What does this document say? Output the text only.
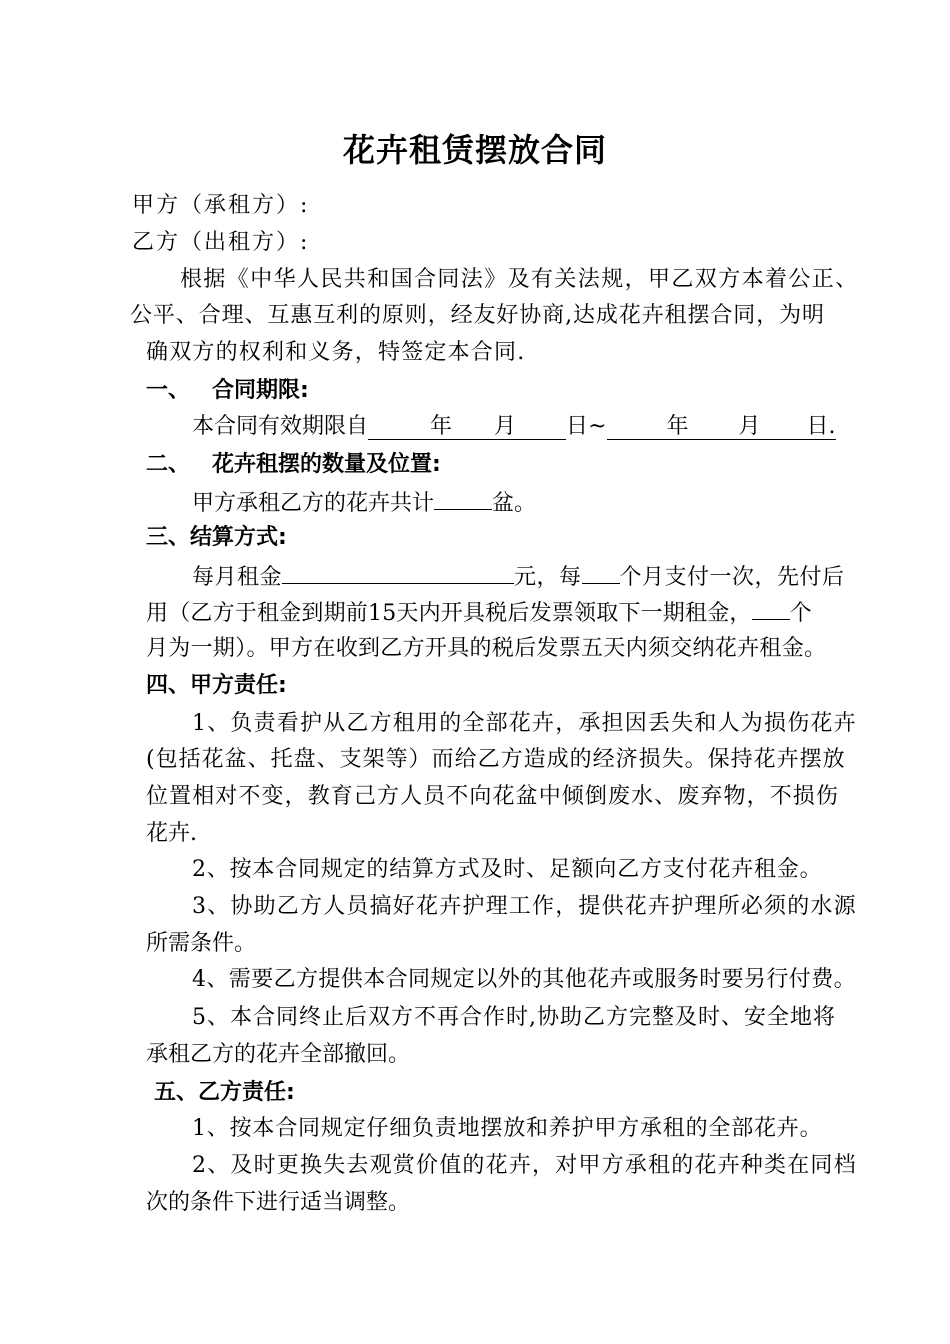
花卉租赁摆放合同
甲方（承租方）:
乙方（出租方）:
根据《中华人民共和国合同法》及有关法规，甲乙双方本着公正、
公平、合理、互惠互利的原则，经友好协商,达成花卉租摆合同，为明
确双方的权利和义务，特签定本合同.
一、 合同期限:
本合同有效期限自	年 月 日~	年 月 日.
二、 花卉租摆的数量及位置:
甲方承租乙方的花卉共计	盆。
三、结算方式:
每月租金	元，每 个月支付一次，先付后
用（乙方于租金到期前15天内开具税后发票领取下一期租金， 个
月为一期）。甲方在收到乙方开具的税后发票五天内须交纳花卉租金。
四、甲方责任:
1、负责看护从乙方租用的全部花卉，承担因丢失和人为损伤花卉
(包括花盆、托盘、支架等）而给乙方造成的经济损失。保持花卉摆放
位置相对不变，教育己方人员不向花盆中倾倒废水、废弃物，不损伤
花卉.
2、按本合同规定的结算方式及时、足额向乙方支付花卉租金。
3、协助乙方人员搞好花卉护理工作，提供花卉护理所必须的水源
所需条件。
4、需要乙方提供本合同规定以外的其他花卉或服务时要另行付费。
5、本合同终止后双方不再合作时,协助乙方完整及时、安全地将
承租乙方的花卉全部撤回。
五、乙方责任:
1、按本合同规定仔细负责地摆放和养护甲方承租的全部花卉。
2、及时更换失去观赏价值的花卉，对甲方承租的花卉种类在同档
次的条件下进行适当调整。
